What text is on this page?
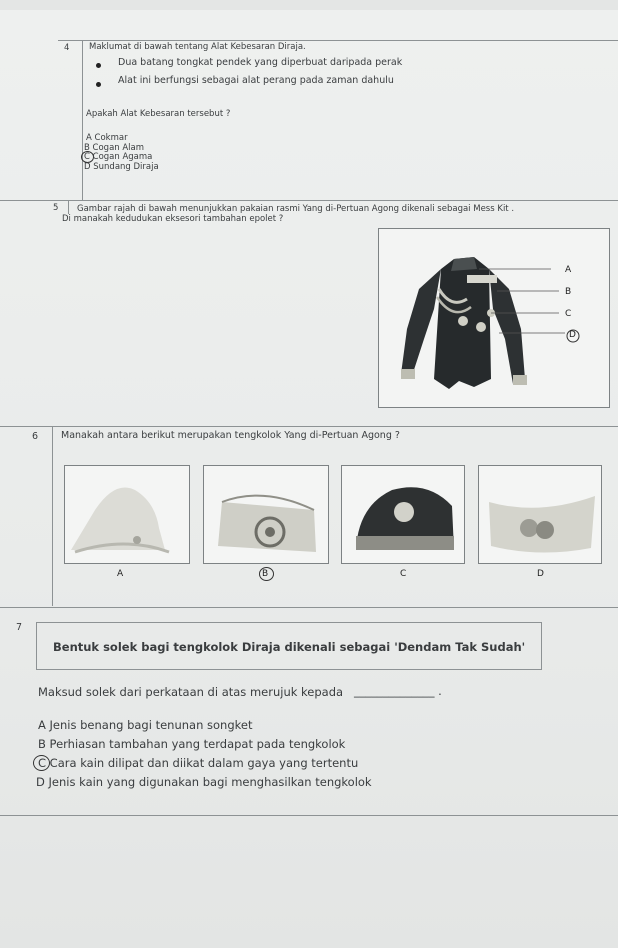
4 Maklumat di bawah tentang Alat Kebesaran Diraja.
Dua batang tongkat pendek yang diperbuat daripada perak
Alat ini berfungsi sebagai alat perang pada zaman dahulu
Apakah Alat Kebesaran tersebut ?
A Cokmar
B Cogan Alam
C Cogan Agama
D Sundang Diraja
5 Gambar rajah di bawah menunjukkan pakaian rasmi Yang di-Pertuan Agong dikenali sebagai Mess Kit .
Di manakah kedudukan eksesori tambahan epolet ?
A
B
C
D
6 Manakah antara berikut merupakan tengkolok Yang di-Pertuan Agong ?
A	B	C	D
7
Bentuk solek bagi tengkolok Diraja dikenali sebagai 'Dendam Tak Sudah'
Maksud solek dari perkataan di atas merujuk kepada ______________ .
A Jenis benang bagi tenunan songket
B Perhiasan tambahan yang terdapat pada tengkolok
C Cara kain dilipat dan diikat dalam gaya yang tertentu
D Jenis kain yang digunakan bagi menghasilkan tengkolok
